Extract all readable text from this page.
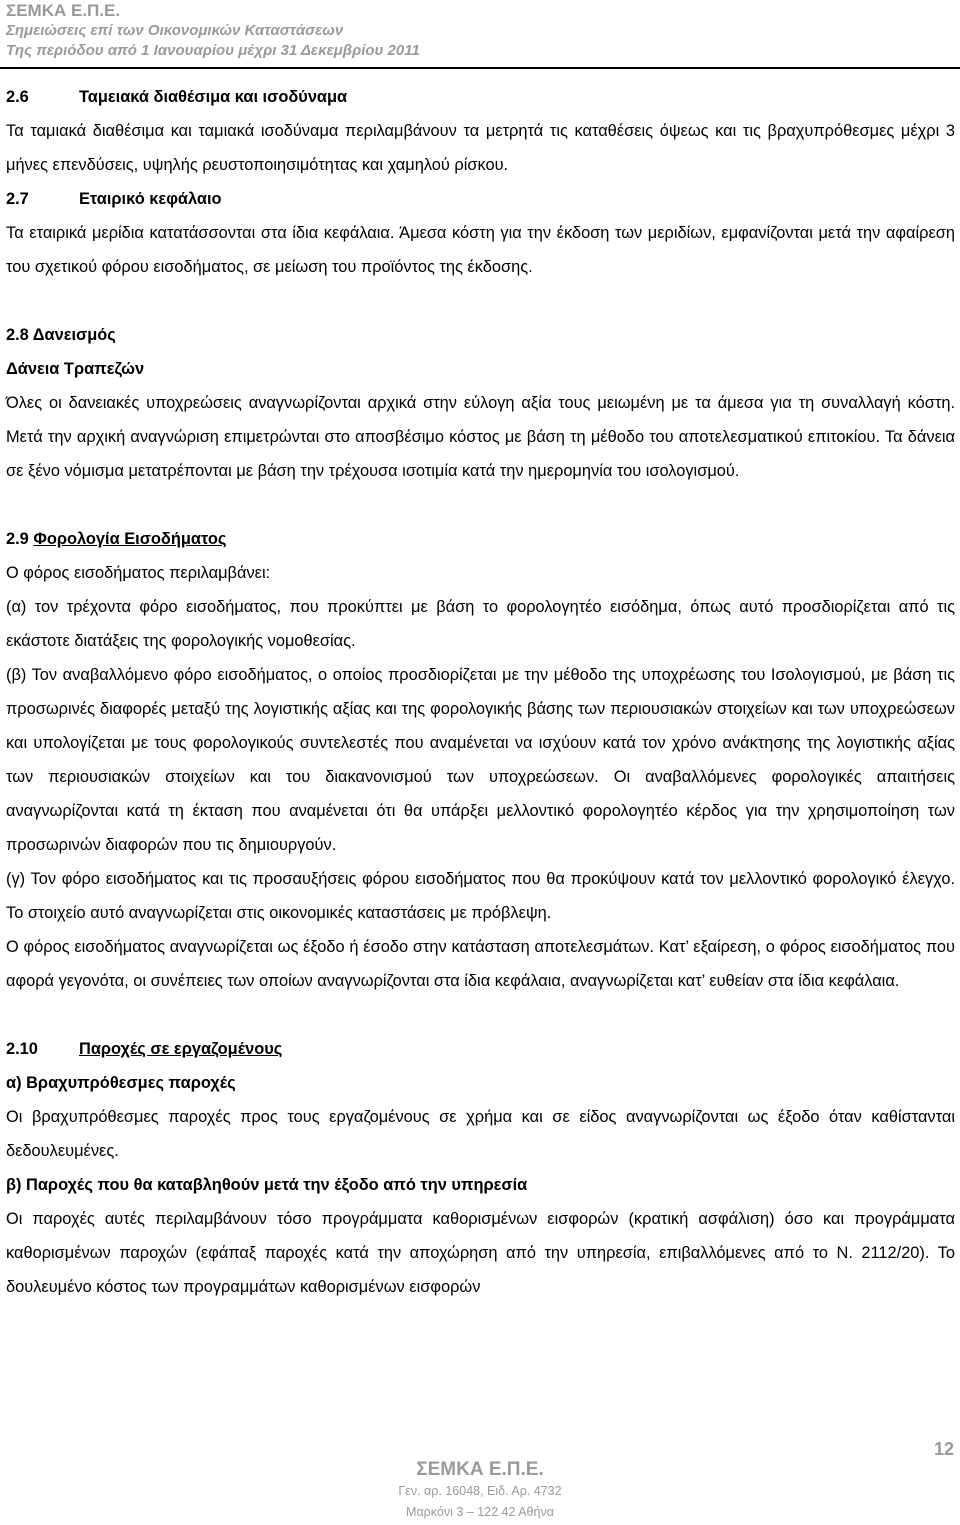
ΣΕΜΚΑ Ε.Π.Ε.
Σημειώσεις επί των Οικονομικών Καταστάσεων
Της περιόδου από 1 Ιανουαρίου μέχρι 31 Δεκεμβρίου 2011

2.6	Ταμειακά διαθέσιμα και ισοδύναμα

Τα ταμιακά διαθέσιμα και ταμιακά ισοδύναμα περιλαμβάνουν τα μετρητά τις καταθέσεις όψεως και τις βραχυπρόθεσμες μέχρι 3 μήνες επενδύσεις, υψηλής ρευστοποιησιμότητας και χαμηλού ρίσκου.

2.7	Εταιρικό κεφάλαιο

Τα εταιρικά μερίδια κατατάσσονται στα ίδια κεφάλαια. Άμεσα κόστη για την έκδοση των μεριδίων, εμφανίζονται μετά την αφαίρεση του σχετικού φόρου εισοδήματος, σε μείωση του προϊόντος της έκδοσης.

2.8 Δανεισμός

Δάνεια Τραπεζών

Όλες οι δανειακές υποχρεώσεις αναγνωρίζονται αρχικά στην εύλογη αξία τους μειωμένη με τα άμεσα για τη συναλλαγή κόστη. Μετά την αρχική αναγνώριση επιμετρώνται στο αποσβέσιμο κόστος με βάση τη μέθοδο του αποτελεσματικού επιτοκίου. Τα δάνεια σε ξένο νόμισμα μετατρέπονται με βάση την τρέχουσα ισοτιμία κατά την ημερομηνία του ισολογισμού.

2.9 Φορολογία Εισοδήματος

Ο φόρος εισοδήματος περιλαμβάνει:

(α) τον τρέχοντα φόρο εισοδήματος, που προκύπτει με βάση το φορολογητέο εισόδημα, όπως αυτό προσδιορίζεται από τις εκάστοτε διατάξεις της φορολογικής νομοθεσίας.

(β) Τον αναβαλλόμενο φόρο εισοδήματος, ο οποίος προσδιορίζεται με την μέθοδο της υποχρέωσης του Ισολογισμού, με βάση τις προσωρινές διαφορές μεταξύ της λογιστικής αξίας και της φορολογικής βάσης των περιουσιακών στοιχείων και των υποχρεώσεων και υπολογίζεται με τους φορολογικούς συντελεστές που αναμένεται να ισχύουν κατά τον χρόνο ανάκτησης της λογιστικής αξίας των περιουσιακών στοιχείων και του διακανονισμού των υποχρεώσεων. Οι αναβαλλόμενες φορολογικές απαιτήσεις αναγνωρίζονται κατά τη έκταση που αναμένεται ότι θα υπάρξει μελλοντικό φορολογητέο κέρδος για την χρησιμοποίηση των προσωρινών διαφορών που τις δημιουργούν.

(γ) Τον φόρο εισοδήματος και τις προσαυξήσεις φόρου εισοδήματος που θα προκύψουν κατά τον μελλοντικό φορολογικό έλεγχο. Το στοιχείο αυτό αναγνωρίζεται στις οικονομικές καταστάσεις με πρόβλεψη.

Ο φόρος εισοδήματος αναγνωρίζεται ως έξοδο ή έσοδο στην κατάσταση αποτελεσμάτων. Κατ’ εξαίρεση, ο φόρος εισοδήματος που αφορά γεγονότα, οι συνέπειες των οποίων αναγνωρίζονται στα ίδια κεφάλαια, αναγνωρίζεται κατ’ ευθείαν στα ίδια κεφάλαια.

2.10	Παροχές σε εργαζομένους

α) Βραχυπρόθεσμες παροχές

Οι βραχυπρόθεσμες παροχές προς τους εργαζομένους σε χρήμα και σε είδος αναγνωρίζονται ως έξοδο όταν καθίστανται δεδουλευμένες.

β) Παροχές που θα καταβληθούν μετά την έξοδο από την υπηρεσία

Οι παροχές αυτές περιλαμβάνουν τόσο προγράμματα καθορισμένων εισφορών (κρατική ασφάλιση) όσο και προγράμματα καθορισμένων παροχών (εφάπαξ παροχές κατά την αποχώρηση από την υπηρεσία, επιβαλλόμενες από το Ν. 2112/20). Το δουλευμένο κόστος των προγραμμάτων καθορισμένων εισφορών

12
ΣΕΜΚΑ Ε.Π.Ε.
Γεν. αρ. 16048, Ειδ. Αρ. 4732
Μαρκόνι 3 – 122 42 Αθήνα
